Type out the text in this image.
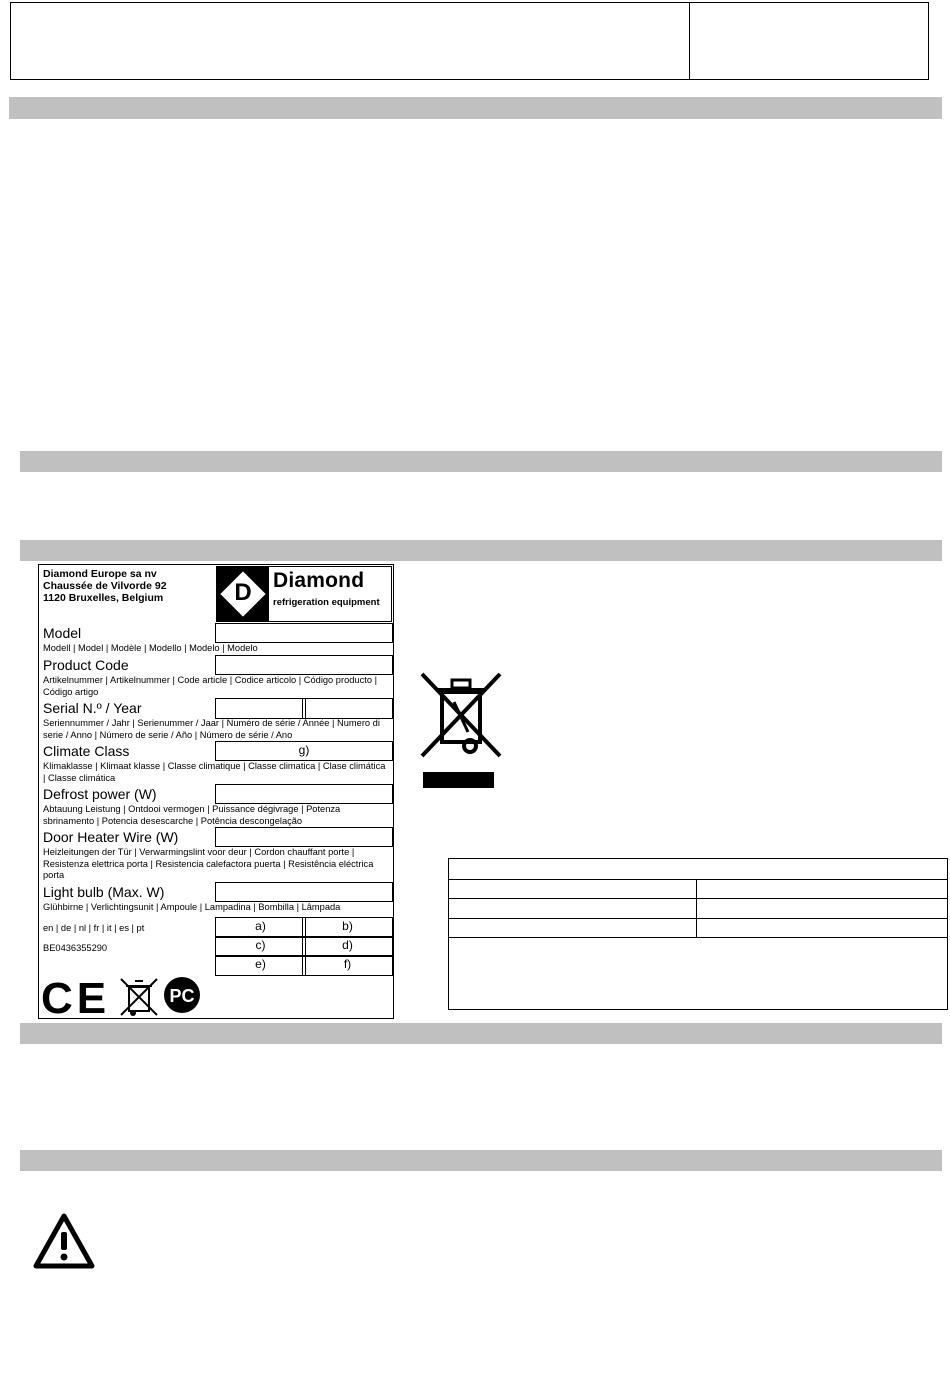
Diamond Europe sa nv
Chaussée de Vilvorde 92
1120 Bruxelles, Belgium	D	Diamond
refrigeration equipment
Model
Modell | Model | Modèle | Modello | Modelo | Modelo
Product Code
Artikelnummer | Artikelnummer | Code article | Codice articolo | Código producto | Código artigo
Serial N.º / Year
Seriennummer / Jahr | Serienummer / Jaar | Numéro de série / Année | Numero di serie / Anno | Número de serie / Año | Número de série / Ano
Climate Class
Klimaklasse | Klimaat klasse | Classe climatique | Classe climatica | Clase climática | Classe climática
g)
Defrost power (W)
Abtauung Leistung | Ontdooi vermogen | Puissance dégivrage | Potenza sbrinamento | Potencia desescarche | Potência descongelação
Door Heater Wire (W)
Heizleitungen der Tür | Verwarmingslint voor deur | Cordon chauffant porte | Resistenza elettrica porta | Resistencia calefactora puerta | Resistência eléctrica porta
Light bulb (Max. W)
Glühbirne | Verlichtingsunit | Ampoule | Lampadina | Bombilla | Lâmpada
en | de | nl | fr | it | es | pt
BE0436355290
a)	b)
c)	d)
e)	f)
CE	PC
